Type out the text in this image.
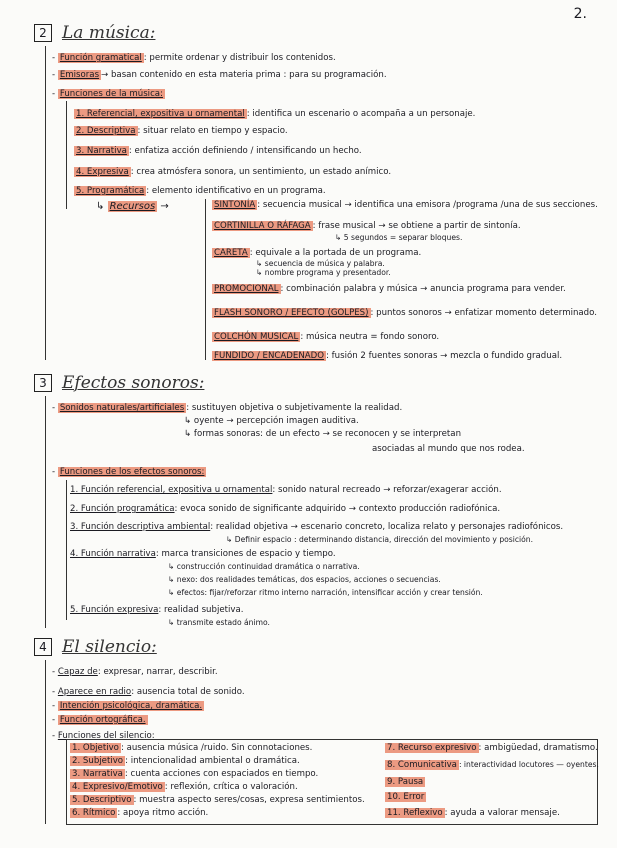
2.
2 La música:
- Función gramatical : permite ordenar y distribuir los contenidos.
- Emisoras → basan contenido en esta materia prima : para su programación.
- Funciones de la música:
1. Referencial, expositiva u ornamental : identifica un escenario o acompaña a un personaje.
2. Descriptiva : situar relato en tiempo y espacio.
3. Narrativa : enfatiza acción definiendo / intensificando un hecho.
4. Expresiva : crea atmósfera sonora, un sentimiento, un estado anímico.
5. Programática : elemento identificativo en un programa.
↳ Recursos →	SINTONÍA : secuencia musical → identifica una emisora /programa /una de sus secciones.
CORTINILLA O RÁFAGA : frase musical → se obtiene a partir de sintonía.
↳ 5 segundos = separar bloques.
CARETA : equivale a la portada de un programa.
↳ secuencia de música y palabra.
↳ nombre programa y presentador.
PROMOCIONAL : combinación palabra y música → anuncia programa para vender.
FLASH SONORO / EFECTO (GOLPES) : puntos sonoros → enfatizar momento determinado.
COLCHÓN MUSICAL : música neutra = fondo sonoro.
FUNDIDO / ENCADENADO : fusión 2 fuentes sonoras → mezcla o fundido gradual.
3 Efectos sonoros:
- Sonidos naturales/artificiales : sustituyen objetiva o subjetivamente la realidad.
↳ oyente → percepción imagen auditiva.
↳ formas sonoras: de un efecto → se reconocen y se interpretan
asociadas al mundo que nos rodea.
- Funciones de los efectos sonoros:
1. Función referencial, expositiva u ornamental: sonido natural recreado → reforzar/exagerar acción.
2. Función programática: evoca sonido de significante adquirido → contexto producción radiofónica.
3. Función descriptiva ambiental: realidad objetiva → escenario concreto, localiza relato y personajes radiofónicos.
↳ Definir espacio : determinando distancia, dirección del movimiento y posición.
4. Función narrativa: marca transiciones de espacio y tiempo.
↳ construcción continuidad dramática o narrativa.
↳ nexo: dos realidades temáticas, dos espacios, acciones o secuencias.
↳ efectos: fijar/reforzar ritmo interno narración, intensificar acción y crear tensión.
5. Función expresiva: realidad subjetiva.
↳ transmite estado ánimo.
4 El silencio:
- Capaz de: expresar, narrar, describir.
- Aparece en radio: ausencia total de sonido.
- Intención psicológica, dramática.
- Función ortográfica.
- Funciones del silencio:
1. Objetivo : ausencia música /ruido. Sin connotaciones.
2. Subjetivo : intencionalidad ambiental o dramática.
3. Narrativa : cuenta acciones con espaciados en tiempo.
4. Expresivo/Emotivo : reflexión, crítica o valoración.
5. Descriptivo : muestra aspecto seres/cosas, expresa sentimientos.
6. Rítmico : apoya ritmo acción.
7. Recurso expresivo : ambigüedad, dramatismo.
8. Comunicativa : interactividad locutores — oyentes.
9. Pausa
10. Error
11. Reflexivo : ayuda a valorar mensaje.
